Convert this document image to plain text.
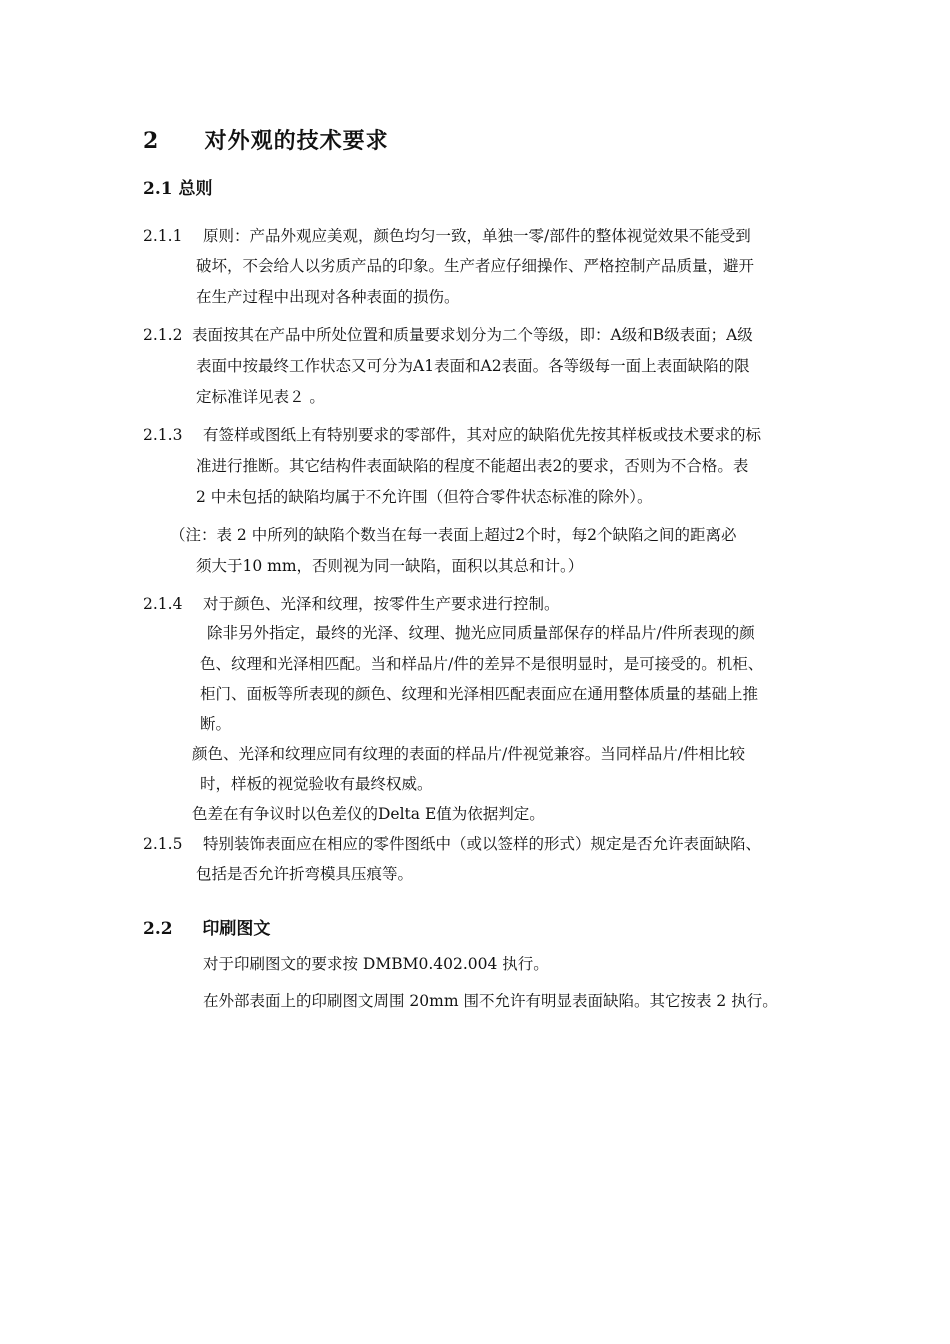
2 对外观的技术要求
2.1 总则
2.1.1 原则：产品外观应美观，颜色均匀一致，单独一零/部件的整体视觉效果不能受到
破坏，不会给人以劣质产品的印象。生产者应仔细操作、严格控制产品质量，避开
在生产过程中出现对各种表面的损伤。
2.1.2 表面按其在产品中所处位置和质量要求划分为二个等级，即：A级和B级表面；A级
表面中按最终工作状态又可分为A1表面和A2表面。各等级每一面上表面缺陷的限
定标准详见表２ 。
2.1.3 有签样或图纸上有特别要求的零部件，其对应的缺陷优先按其样板或技术要求的标
准进行推断。其它结构件表面缺陷的程度不能超出表2的要求，否则为不合格。表
2 中未包括的缺陷均属于不允许围（但符合零件状态标准的除外）。
（注：表 2 中所列的缺陷个数当在每一表面上超过2个时，每2个缺陷之间的距离必
须大于10 mm，否则视为同一缺陷，面积以其总和计。）
2.1.4 对于颜色、光泽和纹理，按零件生产要求进行控制。
除非另外指定，最终的光泽、纹理、抛光应同质量部保存的样品片/件所表现的颜
色、纹理和光泽相匹配。当和样品片/件的差异不是很明显时，是可接受的。机柜、
柜门、面板等所表现的颜色、纹理和光泽相匹配表面应在通用整体质量的基础上推
断。
颜色、光泽和纹理应同有纹理的表面的样品片/件视觉兼容。当同样品片/件相比较
时，样板的视觉验收有最终权威。
色差在有争议时以色差仪的Delta E值为依据判定。
2.1.5 特别装饰表面应在相应的零件图纸中（或以签样的形式）规定是否允许表面缺陷、
包括是否允许折弯模具压痕等。
2.2 印刷图文
对于印刷图文的要求按 DMBM0.402.004 执行。
在外部表面上的印刷图文周围 20mm 围不允许有明显表面缺陷。其它按表 2 执行。
